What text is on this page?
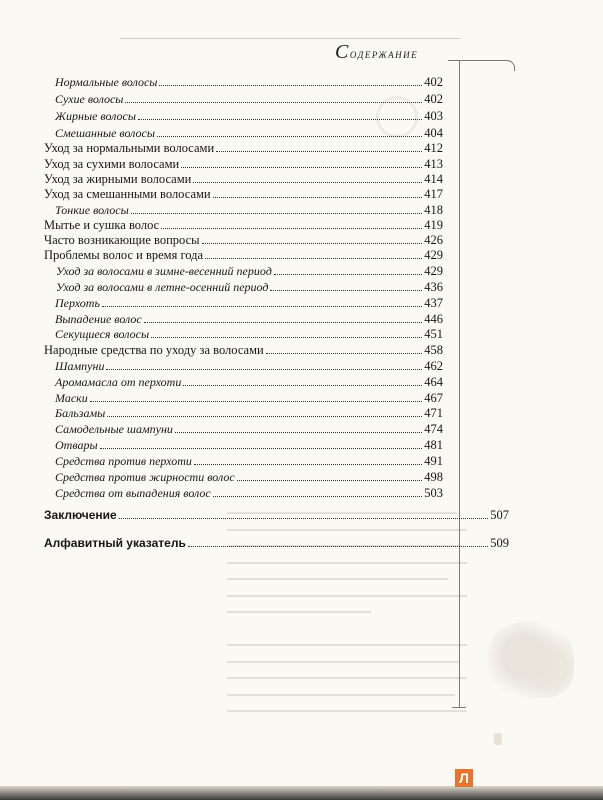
Содержание
Нормальные волосы	402
Сухие волосы	402
Жирные волосы	403
Смешанные волосы	404
Уход за нормальными волосами	412
Уход за сухими волосами	413
Уход за жирными волосами	414
Уход за смешанными волосами	417
Тонкие волосы	418
Мытье и сушка волос	419
Часто возникающие вопросы	426
Проблемы волос и время года	429
Уход за волосами в зимне-весенний период	429
Уход за волосами в летне-осенний период	436
Перхоть	437
Выпадение волос	446
Секущиеся волосы	451
Народные средства по уходу за волосами	458
Шампуни	462
Аромамасла от перхоти	464
Маски	467
Бальзамы	471
Самодельные шампуни	474
Отвары	481
Средства против перхоти	491
Средства против жирности волос	498
Средства от выпадения волос	503
Заключение	507
Алфавитный указатель	509
Л
